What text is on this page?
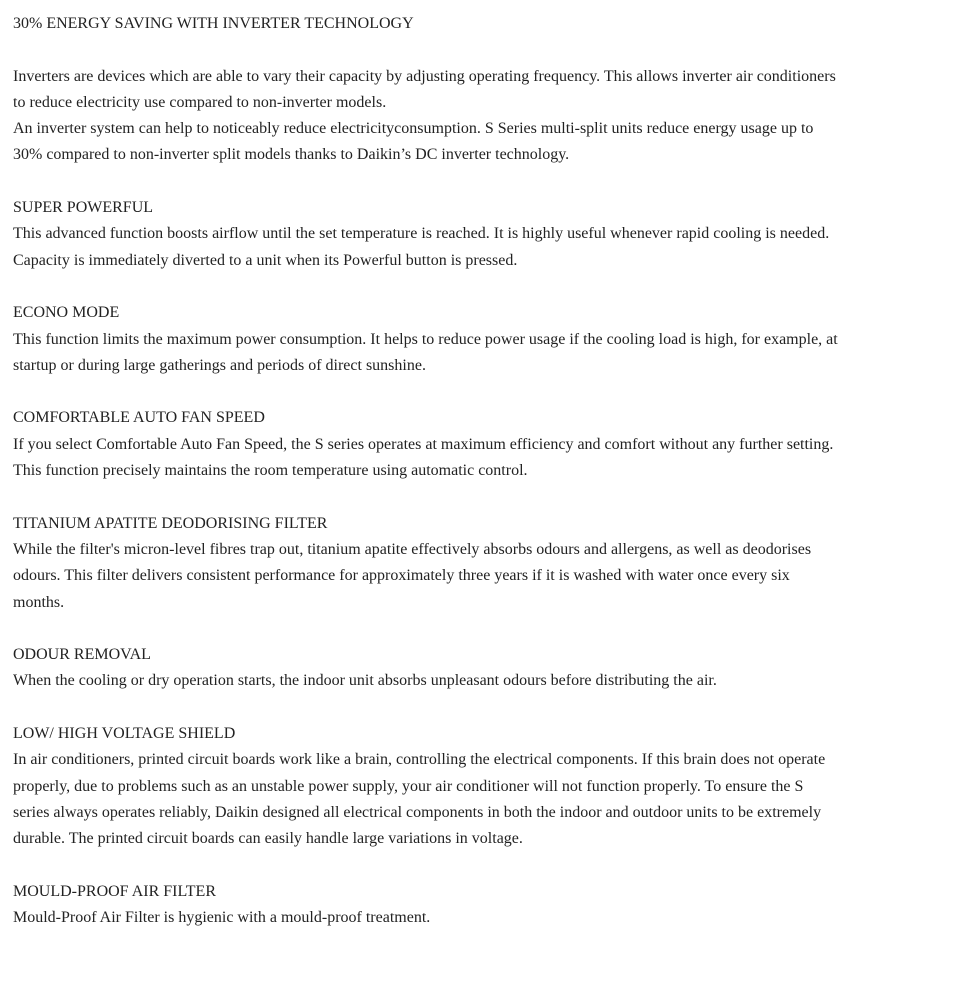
30% ENERGY SAVING WITH INVERTER TECHNOLOGY
Inverters are devices which are able to vary their capacity by adjusting operating frequency. This allows inverter air conditioners
to reduce electricity use compared to non-inverter models.
An inverter system can help to noticeably reduce electricityconsumption. S Series multi-split units reduce energy usage up to
30% compared to non-inverter split models thanks to Daikin’s DC inverter technology.
SUPER POWERFUL
This advanced function boosts airflow until the set temperature is reached. It is highly useful whenever rapid cooling is needed.
Capacity is immediately diverted to a unit when its Powerful button is pressed.
ECONO MODE
This function limits the maximum power consumption. It helps to reduce power usage if the cooling load is high, for example, at
startup or during large gatherings and periods of direct sunshine.
COMFORTABLE AUTO FAN SPEED
If you select Comfortable Auto Fan Speed, the S series operates at maximum efficiency and comfort without any further setting.
This function precisely maintains the room temperature using automatic control.
TITANIUM APATITE DEODORISING FILTER
While the filter's micron-level fibres trap out, titanium apatite effectively absorbs odours and allergens, as well as deodorises
odours. This filter delivers consistent performance for approximately three years if it is washed with water once every six
months.
ODOUR REMOVAL
When the cooling or dry operation starts, the indoor unit absorbs unpleasant odours before distributing the air.
LOW/ HIGH VOLTAGE SHIELD
In air conditioners, printed circuit boards work like a brain, controlling the electrical components. If this brain does not operate
properly, due to problems such as an unstable power supply, your air conditioner will not function properly. To ensure the S
series always operates reliably, Daikin designed all electrical components in both the indoor and outdoor units to be extremely
durable. The printed circuit boards can easily handle large variations in voltage.
MOULD-PROOF AIR FILTER
Mould-Proof Air Filter is hygienic with a mould-proof treatment.
